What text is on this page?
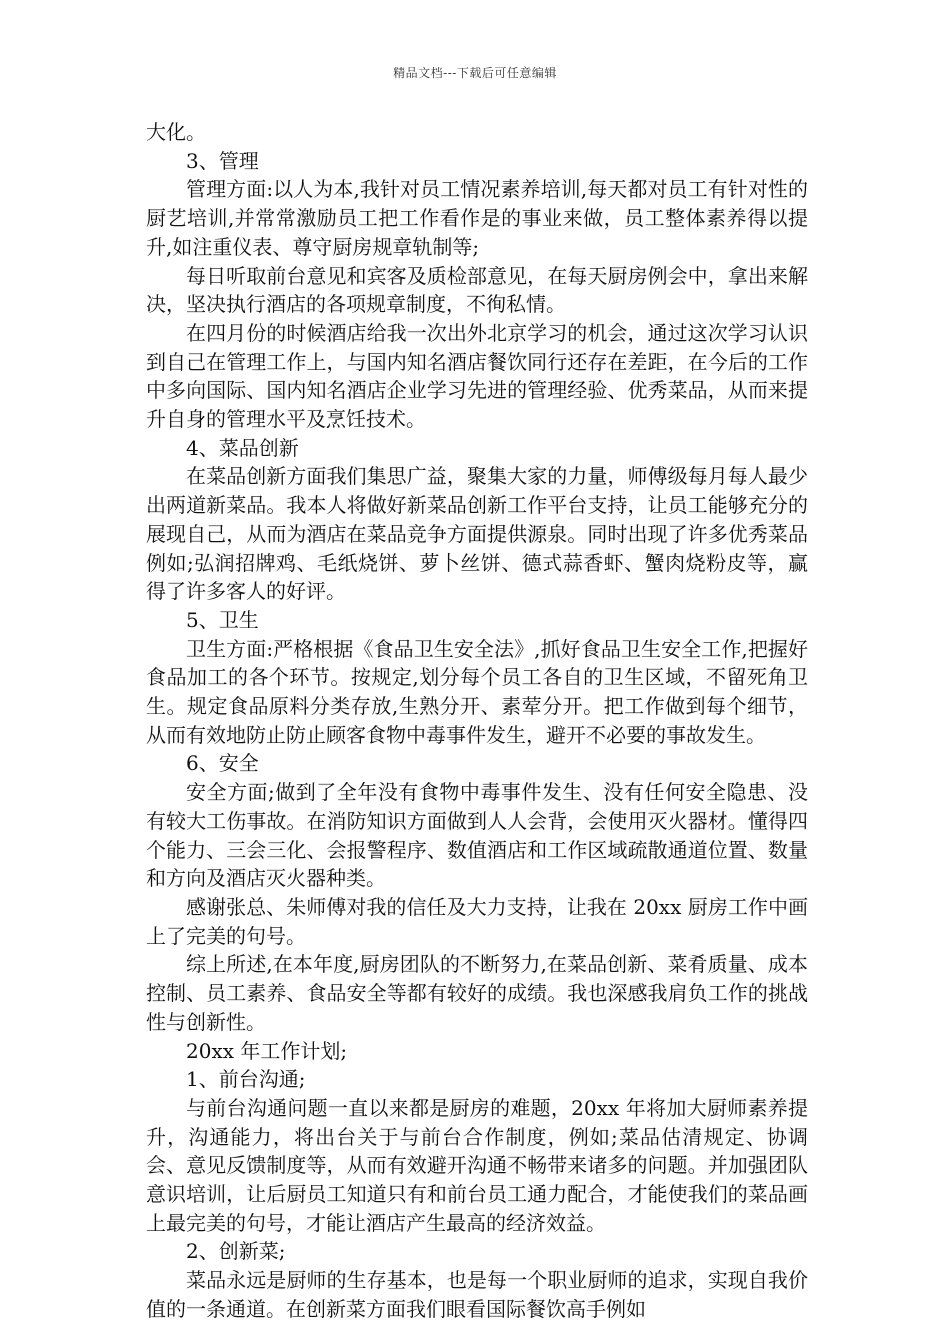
精品文档---下载后可任意编辑

大化。

3、管理

管理方面:以人为本,我针对员工情况素养培训,每天都对员工有针对性的厨艺培训,并常常激励员工把工作看作是的事业来做，员工整体素养得以提升,如注重仪表、尊守厨房规章轨制等;

每日听取前台意见和宾客及质检部意见，在每天厨房例会中，拿出来解决，坚决执行酒店的各项规章制度，不徇私情。

在四月份的时候酒店给我一次出外北京学习的机会，通过这次学习认识到自己在管理工作上，与国内知名酒店餐饮同行还存在差距，在今后的工作中多向国际、国内知名酒店企业学习先进的管理经验、优秀菜品，从而来提升自身的管理水平及烹饪技术。

4、菜品创新

在菜品创新方面我们集思广益，聚集大家的力量，师傅级每月每人最少出两道新菜品。我本人将做好新菜品创新工作平台支持，让员工能够充分的展现自己，从而为酒店在菜品竞争方面提供源泉。同时出现了许多优秀菜品例如;弘润招牌鸡、毛纸烧饼、萝卜丝饼、德式蒜香虾、蟹肉烧粉皮等，赢得了许多客人的好评。

5、卫生

卫生方面:严格根据《食品卫生安全法》,抓好食品卫生安全工作,把握好食品加工的各个环节。按规定,划分每个员工各自的卫生区域，不留死角卫生。规定食品原料分类存放,生熟分开、素荤分开。把工作做到每个细节，从而有效地防止防止顾客食物中毒事件发生，避开不必要的事故发生。

6、安全

安全方面;做到了全年没有食物中毒事件发生、没有任何安全隐患、没有较大工伤事故。在消防知识方面做到人人会背，会使用灭火器材。懂得四个能力、三会三化、会报警程序、数值酒店和工作区域疏散通道位置、数量和方向及酒店灭火器种类。

感谢张总、朱师傅对我的信任及大力支持，让我在 20xx 厨房工作中画上了完美的句号。

综上所述,在本年度,厨房团队的不断努力,在菜品创新、菜肴质量、成本控制、员工素养、食品安全等都有较好的成绩。我也深感我肩负工作的挑战性与创新性。

20xx 年工作计划;

1、前台沟通;

与前台沟通问题一直以来都是厨房的难题，20xx 年将加大厨师素养提升，沟通能力，将出台关于与前台合作制度，例如;菜品估清规定、协调会、意见反馈制度等，从而有效避开沟通不畅带来诸多的问题。并加强团队意识培训，让后厨员工知道只有和前台员工通力配合，才能使我们的菜品画上最完美的句号，才能让酒店产生最高的经济效益。

2、创新菜;

菜品永远是厨师的生存基本，也是每一个职业厨师的追求，实现自我价值的一条通道。在创新菜方面我们眼看国际餐饮高手例如
